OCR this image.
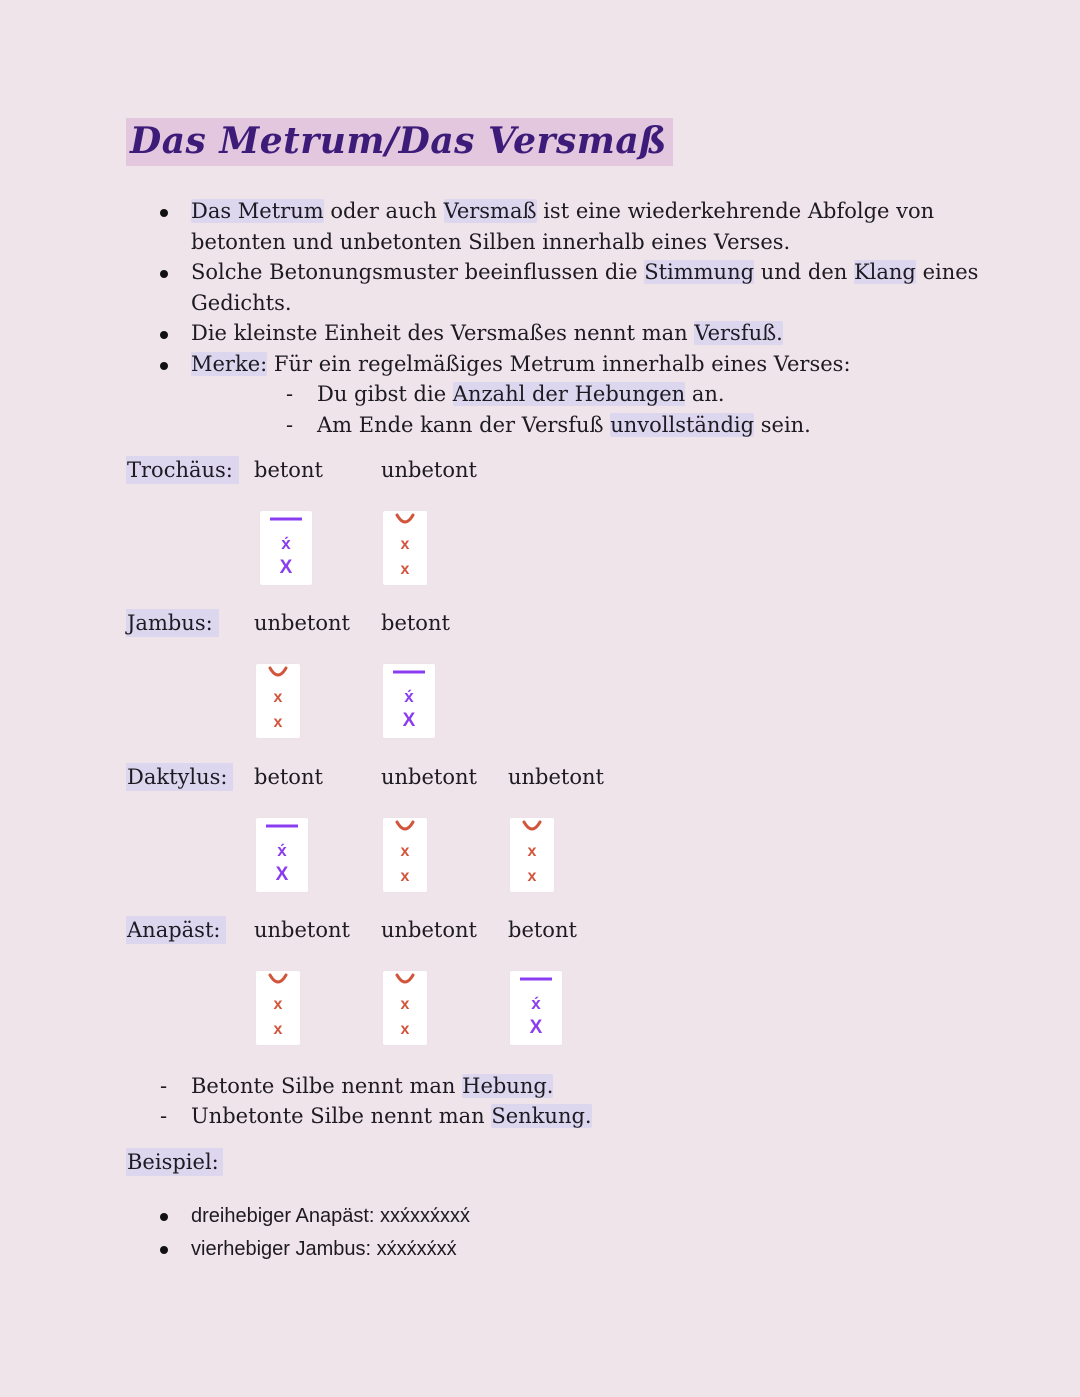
Das Metrum/Das Versmaß
Das Metrum oder auch Versmaß ist eine wiederkehrende Abfolge von betonten und unbetonten Silben innerhalb eines Verses.
Solche Betonungsmuster beeinflussen die Stimmung und den Klang eines Gedichts.
Die kleinste Einheit des Versmaßes nennt man Versfuß.
Merke: Für ein regelmäßiges Metrum innerhalb eines Verses:
- Du gibst die Anzahl der Hebungen an.
- Am Ende kann der Versfuß unvollständig sein.
Trochäus: betont	unbetont
x́
X
x
x
Jambus: unbetont betont
x
x
x́
X
Daktylus: betont	unbetont unbetont
x́
X
x
x
x
x
Anapäst: unbetont unbetont betont
x
x
x
x
x́
X
- Betonte Silbe nennt man Hebung.
- Unbetonte Silbe nennt man Senkung.
Beispiel:
dreihebiger Anapäst: xxx́xxx́xxx́
vierhebiger Jambus: xx́xx́xx́xx́
